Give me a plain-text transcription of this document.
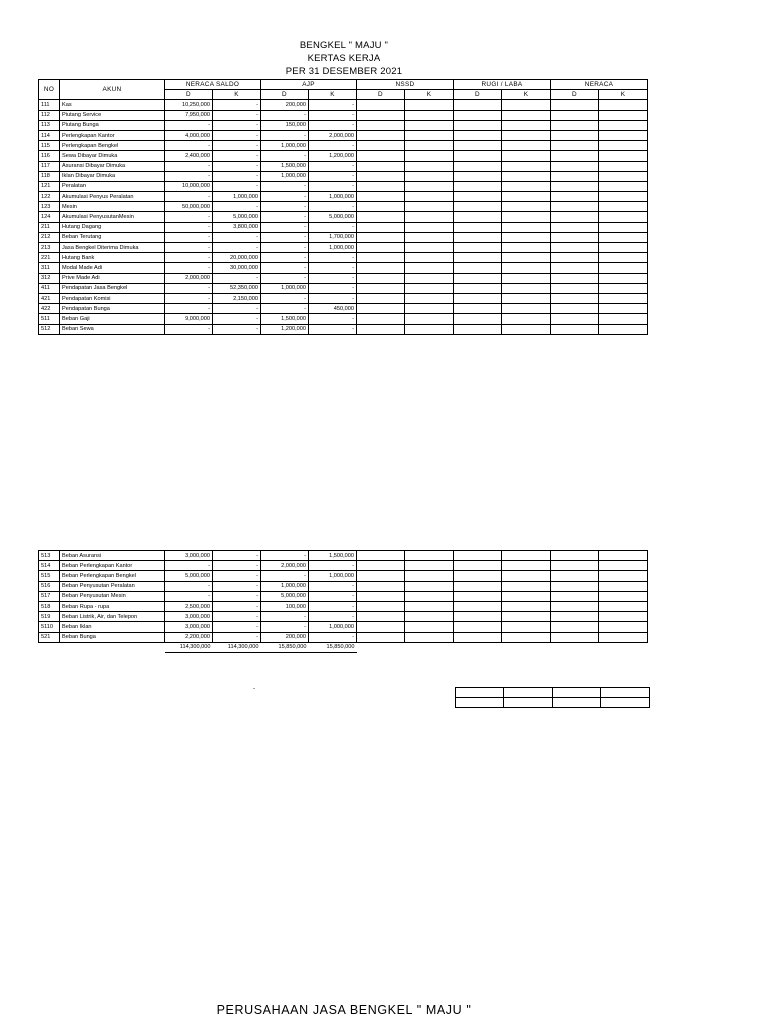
BENGKEL " MAJU "
KERTAS KERJA
PER 31 DESEMBER 2021
NO	AKUN	NERACA SALDO		AJP		NSSD		RUGI / LABA		NERACA	
		D	K	D	K	D	K	D	K	D	K
111	Kas	10,250,000	-	200,000	-						
112	Piutang Service	7,950,000	-	-	-						
113	Piutang Bunga	-	-	150,000	-						
114	Perlengkapan Kantor	4,000,000	-	-	2,000,000						
115	Perlengkapan Bengkel	-	-	1,000,000	-						
116	Sewa Dibayar Dimuka	2,400,000	-	-	1,200,000						
117	Asuransi Dibayar Dimuka	-	-	1,500,000	-						
118	Iklan Dibayar Dimuka	-	-	1,000,000	-						
121	Peralatan	10,000,000	-	-	-						
122	Akumulasi Penyus Peralatan	-	1,000,000	-	1,000,000						
123	Mesin	50,000,000	-	-	-						
124	Akumulasi PenyusutanMesin	-	5,000,000	-	5,000,000						
211	Hutang Dagang	-	3,800,000	-	-						
212	Beban Terutang	-	-	-	1,700,000						
213	Jasa Bengkel Diterima Dimuka	-	-	-	1,000,000						
221	Hutang Bank	-	20,000,000	-	-						
311	Modal Made Adi	-	30,000,000	-	-						
312	Prive Made Adi	2,000,000	-	-	-						
411	Pendapatan Jasa Bengkel	-	52,350,000	1,000,000	-						
421	Pendapatan Komisi	-	2,150,000	-	-						
422	Pendapatan Bunga	-	-	-	450,000						
511	Beban Gaji	9,000,000	-	1,500,000	-						
512	Beban Sewa	-	-	1,200,000	-						
513	Beban Asuransi	3,000,000	-	-	1,500,000						
514	Beban Perlengkapan Kantor	-	-	2,000,000	-						
515	Beban Perlengkapan Bengkel	5,000,000	-	-	1,000,000						
516	Beban Penyusutan Peralatan	-	-	1,000,000	-						
517	Beban Penyusutan Mesin	-	-	5,000,000	-						
518	Beban Rupa - rupa	2,500,000	-	100,000	-						
519	Beban Listrik, Air, dan Telepon	3,000,000	-	-	-						
5110	Beban Iklan	3,000,000	-	-	1,000,000						
521	Beban Bunga	2,200,000	-	200,000	-						
		114,300,000	114,300,000	15,850,000	15,850,000						
-

PERUSAHAAN JASA BENGKEL " MAJU "
